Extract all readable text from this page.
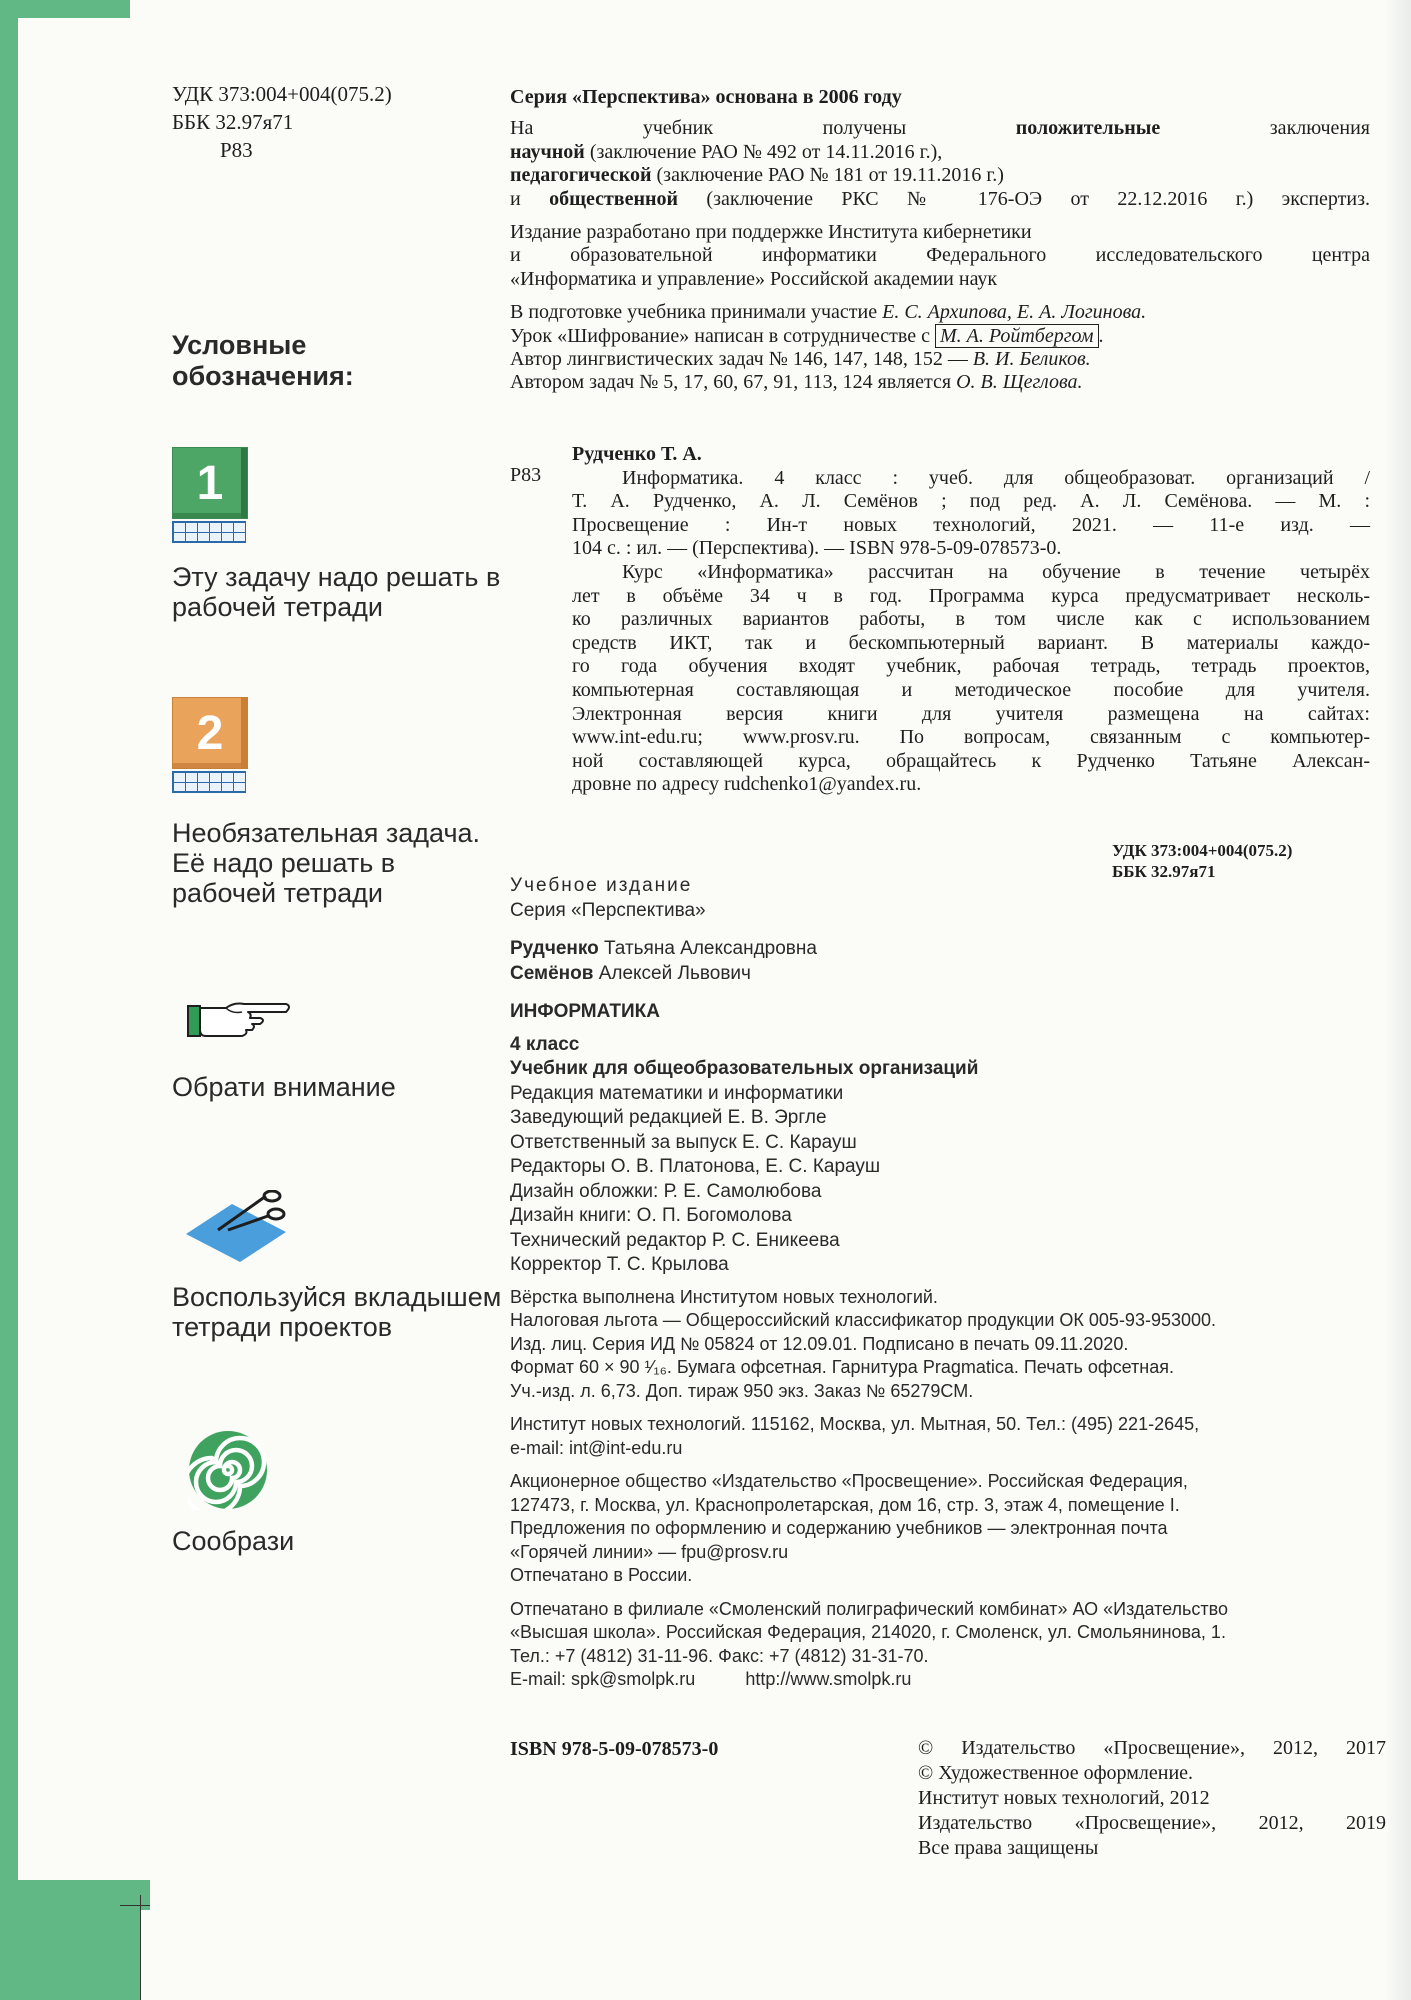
УДК 373:004+004(075.2)
ББК 32.97я71
Р83
Условные обозначения:
1
Эту задачу надо решать в рабочей тетради
2
Необязательная задача. Её надо решать в рабочей тетради
Обрати внимание
Воспользуйся вкладышем тетради проектов
Сообрази
Серия «Перспектива» основана в 2006 году
На учебник получены положительные заключения
научной (заключение РАО № 492 от 14.11.2016 г.),
педагогической (заключение РАО № 181 от 19.11.2016 г.)
и общественной (заключение РКС № 176-ОЭ от 22.12.2016 г.) экспертиз.
Издание разработано при поддержке Института кибернетики
и образовательной информатики Федерального исследовательского центра
«Информатика и управление» Российской академии наук
В подготовке учебника принимали участие Е. С. Архипова, Е. А. Логинова.
Урок «Шифрование» написан в сотрудничестве с М. А. Ройтбергом .
Автор лингвистических задач № 146, 147, 148, 152 — В. И. Беликов.
Автором задач № 5, 17, 60, 67, 91, 113, 124 является О. В. Щеглова.
Р83
Рудченко Т. А.
Информатика. 4 класс : учеб. для общеобразоват. организаций /
Т. А. Рудченко, А. Л. Семёнов ; под ред. А. Л. Семёнова. — М. :
Просвещение : Ин-т новых технологий, 2021. — 11-е изд. —
104 с. : ил. — (Перспектива). — ISBN 978-5-09-078573-0.
Курс «Информатика» рассчитан на обучение в течение четырёх
лет в объёме 34 ч в год. Программа курса предусматривает несколь-
ко различных вариантов работы, в том числе как с использованием
средств ИКТ, так и бескомпьютерный вариант. В материалы каждо-
го года обучения входят учебник, рабочая тетрадь, тетрадь проектов,
компьютерная составляющая и методическое пособие для учителя.
Электронная версия книги для учителя размещена на сайтах:
www.int-edu.ru; www.prosv.ru. По вопросам, связанным с компьютер-
ной составляющей курса, обращайтесь к Рудченко Татьяне Алексан-
дровне по адресу rudchenko1@yandex.ru.
УДК 373:004+004(075.2)
ББК 32.97я71
Учебное издание
Серия «Перспектива»
Рудченко Татьяна Александровна
Семёнов Алексей Львович
ИНФОРМАТИКА
4 класс
Учебник для общеобразовательных организаций
Редакция математики и информатики
Заведующий редакцией Е. В. Эргле
Ответственный за выпуск Е. С. Карауш
Редакторы О. В. Платонова, Е. С. Карауш
Дизайн обложки: Р. Е. Самолюбова
Дизайн книги: О. П. Богомолова
Технический редактор Р. С. Еникеева
Корректор Т. С. Крылова
Вёрстка выполнена Институтом новых технологий.
Налоговая льгота — Общероссийский классификатор продукции ОК 005-93-953000.
Изд. лиц. Серия ИД № 05824 от 12.09.01. Подписано в печать 09.11.2020.
Формат 60 × 90 ¹⁄₁₆. Бумага офсетная. Гарнитура Pragmatica. Печать офсетная.
Уч.-изд. л. 6,73. Доп. тираж 950 экз. Заказ № 65279СМ.
Институт новых технологий. 115162, Москва, ул. Мытная, 50. Тел.: (495) 221-2645,
e-mail: int@int-edu.ru
Акционерное общество «Издательство «Просвещение». Российская Федерация,
127473, г. Москва, ул. Краснопролетарская, дом 16, стр. 3, этаж 4, помещение I.
Предложения по оформлению и содержанию учебников — электронная почта
«Горячей линии» — fpu@prosv.ru
Отпечатано в России.
Отпечатано в филиале «Смоленский полиграфический комбинат» АО «Издательство
«Высшая школа». Российская Федерация, 214020, г. Смоленск, ул. Смольянинова, 1.
Тел.: +7 (4812) 31-11-96. Факс: +7 (4812) 31-31-70.
E-mail: spk@smolpk.ru          http://www.smolpk.ru
ISBN 978-5-09-078573-0	© Издательство «Просвещение», 2012, 2017
© Художественное оформление.
Институт новых технологий, 2012
Издательство «Просвещение», 2012, 2019
Все права защищены
